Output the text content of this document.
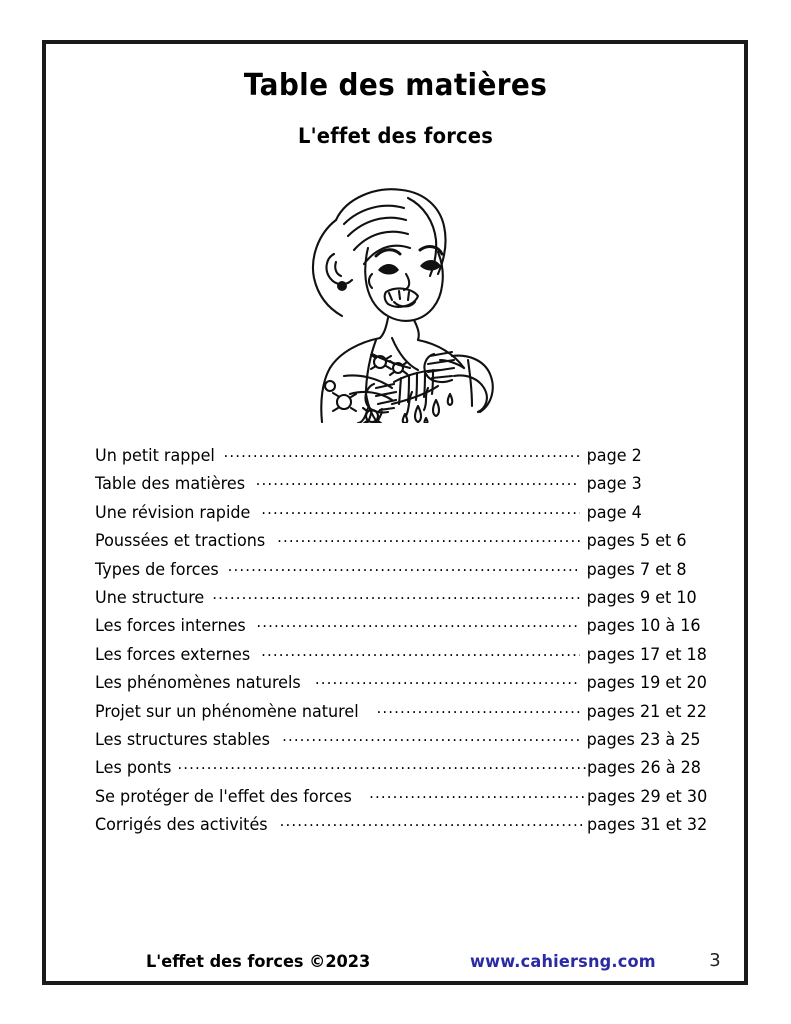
Table des matières
L'effet des forces
Un petit rappel .....	page 2
Table des matières .....	page 3
Une révision rapide .....	page 4
Poussées et tractions .....	pages 5 et 6
Types de forces .....	pages 7 et 8
Une structure .....	pages 9 et 10
Les forces internes .....	pages 10 à 16
Les forces externes .....	pages 17 et 18
Les phénomènes naturels .....	pages 19 et 20
Projet sur un phénomène naturel .....	pages 21 et 22
Les structures stables .....	pages 23 à 25
Les ponts .....	pages 26 à 28
Se protéger de l'effet des forces .....	pages 29 et 30
Corrigés des activités .....	pages 31 et 32
L'effet des forces ©2023	www.cahiersng.com	3
